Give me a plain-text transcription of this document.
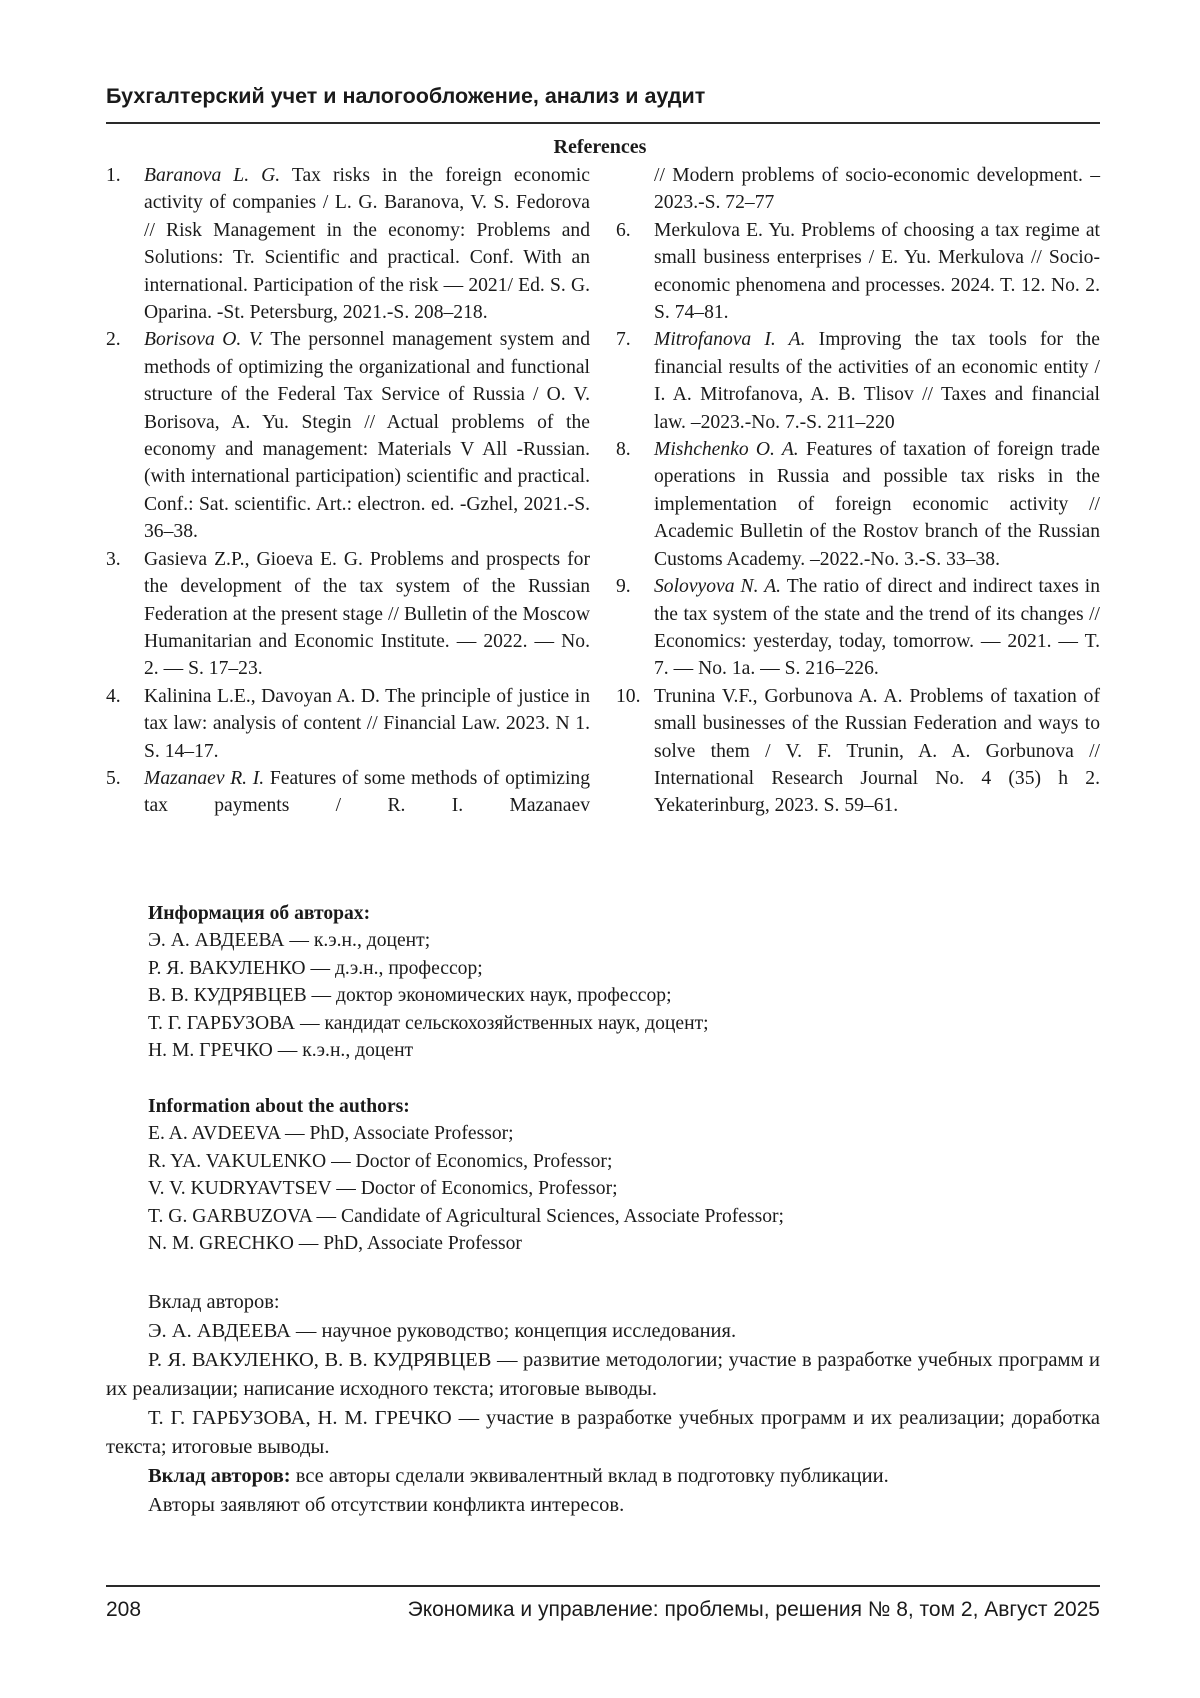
Бухгалтерский учет и налогообложение, анализ и аудит
References
1.	Baranova L. G. Tax risks in the foreign economic activity of companies / L. G. Baranova, V. S. Fedorova // Risk Management in the economy: Problems and Solutions: Tr. Scientific and practical. Conf. With an international. Participation of the risk — 2021/ Ed. S. G. Oparina. -St. Petersburg, 2021.-S. 208–218.
2.	Borisova O. V. The personnel management system and methods of optimizing the organizational and functional structure of the Federal Tax Service of Russia / O. V. Borisova, A. Yu. Stegin // Actual problems of the economy and management: Materials V All -Russian. (with international participation) scientific and practical. Conf.: Sat. scientific. Art.: electron. ed. -Gzhel, 2021.-S. 36–38.
3.	Gasieva Z.P., Gioeva E. G. Problems and prospects for the development of the tax system of the Russian Federation at the present stage // Bulletin of the Moscow Humanitarian and Economic Institute. — 2022. — No. 2. — S. 17–23.
4.	Kalinina L.E., Davoyan A. D. The principle of justice in tax law: analysis of content // Financial Law. 2023. N 1. S. 14–17.
5.	Mazanaev R. I. Features of some methods of optimizing tax payments / R. I. Mazanaev
// Modern problems of socio-economic development. –2023.-S. 72–77
6.	Merkulova E. Yu. Problems of choosing a tax regime at small business enterprises / E. Yu. Merkulova // Socio-economic phenomena and processes. 2024. T. 12. No. 2. S. 74–81.
7.	Mitrofanova I. A. Improving the tax tools for the financial results of the activities of an economic entity / I. A. Mitrofanova, A. B. Tlisov // Taxes and financial law. –2023.-No. 7.-S. 211–220
8.	Mishchenko O. A. Features of taxation of foreign trade operations in Russia and possible tax risks in the implementation of foreign economic activity // Academic Bulletin of the Rostov branch of the Russian Customs Academy. –2022.-No. 3.-S. 33–38.
9.	Solovyova N. A. The ratio of direct and indirect taxes in the tax system of the state and the trend of its changes // Economics: yesterday, today, tomorrow. — 2021. — T. 7. — No. 1a. — S. 216–226.
10. Trunina V.F., Gorbunova A. A. Problems of taxation of small businesses of the Russian Federation and ways to solve them / V. F. Trunin, A. A. Gorbunova // International Research Journal No. 4 (35) h 2. Yekaterinburg, 2023. S. 59–61.
Информация об авторах:
Э. А. АВДЕЕВА — к.э.н., доцент;
Р. Я. ВАКУЛЕНКО — д.э.н., профессор;
В. В. КУДРЯВЦЕВ — доктор экономических наук, профессор;
Т. Г. ГАРБУЗОВА — кандидат сельскохозяйственных наук, доцент;
Н. М. ГРЕЧКО — к.э.н., доцент
Information about the authors:
E. A. AVDEEVA — PhD, Associate Professor;
R. YA. VAKULENKO — Doctor of Economics, Professor;
V. V. KUDRYAVTSEV — Doctor of Economics, Professor;
T. G. GARBUZOVA — Candidate of Agricultural Sciences, Associate Professor;
N. M. GRECHKO — PhD, Associate Professor

Вклад авторов:

Э. А. АВДЕЕВА — научное руководство; концепция исследования.

Р. Я. ВАКУЛЕНКО, В. В. КУДРЯВЦЕВ — развитие методологии; участие в разработке учебных программ и их реализации; написание исходного текста; итоговые выводы.

Т. Г. ГАРБУЗОВА, Н. М. ГРЕЧКО — участие в разработке учебных программ и их реализации; доработка текста; итоговые выводы.

Вклад авторов: все авторы сделали эквивалентный вклад в подготовку публикации.

Авторы заявляют об отсутствии конфликта интересов.

208	Экономика и управление: проблемы, решения № 8, том 2, Август 2025
